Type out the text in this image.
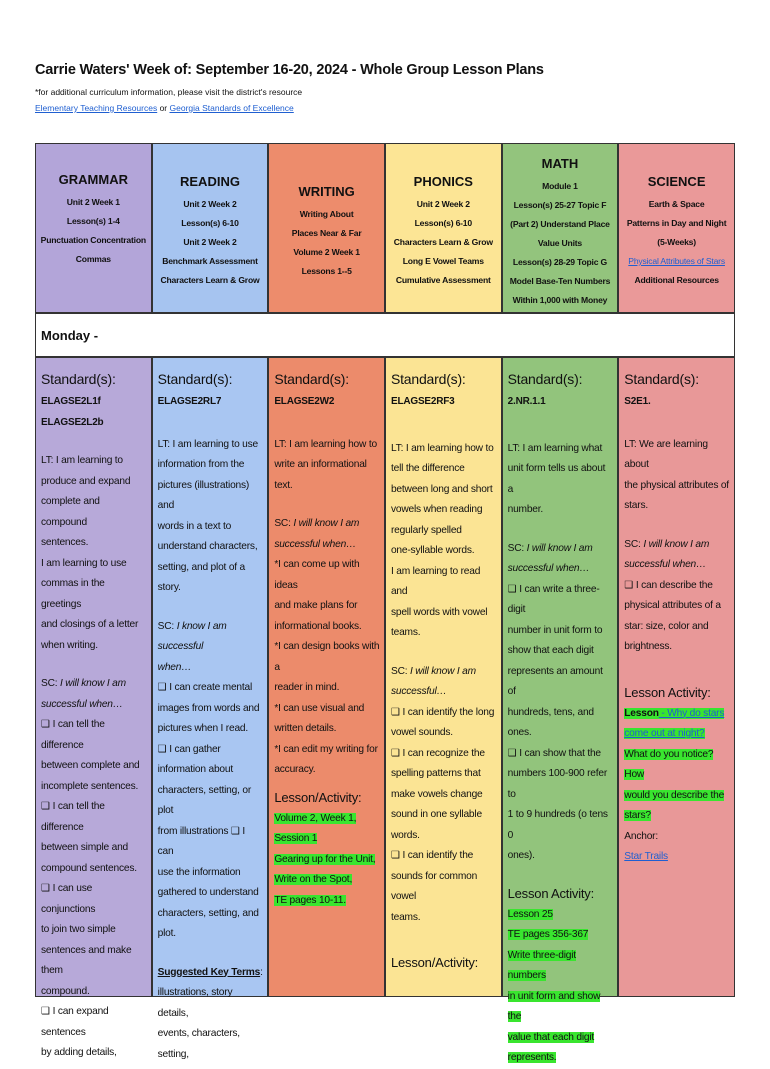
Carrie Waters' Week of: September 16-20, 2024 - Whole Group Lesson Plans
*for additional curriculum information, please visit the district's resource
Elementary Teaching Resources or Georgia Standards of Excellence
GRAMMAR
Unit 2 Week 1
Lesson(s) 1-4
Punctuation Concentration
Commas
READING
Unit 2 Week 2
Lesson(s) 6-10
Unit 2 Week 2
Benchmark Assessment
Characters Learn & Grow
WRITING
Writing About
Places Near & Far
Volume 2 Week 1
Lessons 1--5
PHONICS
Unit 2 Week 2
Lesson(s) 6-10
Characters Learn & Grow
Long E Vowel Teams
Cumulative Assessment
MATH
Module 1
Lesson(s) 25-27 Topic F
(Part 2) Understand Place
Value Units
Lesson(s) 28-29 Topic G
Model Base-Ten Numbers
Within 1,000 with Money
SCIENCE
Earth & Space
Patterns in Day and Night
(5-Weeks)
Physical Attributes of Stars
Additional Resources
Monday -
Standard(s):
ELAGSE2L1f
ELAGSE2L2b
LT: I am learning to
produce and expand
complete and compound
sentences.
I am learning to use
commas in the greetings
and closings of a letter
when writing.
SC: I will know I am
successful when…
❑ I can tell the difference
between complete and
incomplete sentences.
❑ I can tell the difference
between simple and
compound sentences.
❑ I can use conjunctions
to join two simple
sentences and make them
compound.
❑ I can expand sentences
by adding details,
Standard(s):
ELAGSE2RL7
LT: I am learning to use
information from the
pictures (illustrations) and
words in a text to
understand characters,
setting, and plot of a story.
SC: I know I am successful
when…
❑ I can create mental
images from words and
pictures when I read.
❑ I can gather
information about
characters, setting, or plot
from illustrations ❑ I can
use the information
gathered to understand
characters, setting, and
plot.
Suggested Key Terms:
illustrations, story details,
events, characters, setting,
Standard(s):
ELAGSE2W2
LT: I am learning how to
write an informational
text.
SC: I will know I am
successful when…
*I can come up with ideas
and make plans for
informational books.
*I can design books with a
reader in mind.
*I can use visual and
written details.
*I can edit my writing for
accuracy.
Lesson/Activity:
Volume 2, Week 1,
Session 1
Gearing up for the Unit,
Write on the Spot,
TE pages 10-11.
Standard(s):
ELAGSE2RF3
LT: I am learning how to
tell the difference
between long and short
vowels when reading
regularly spelled
one-syllable words.
I am learning to read and
spell words with vowel
teams.
SC: I will know I am
successful…
❑ I can identify the long
vowel sounds.
❑ I can recognize the
spelling patterns that
make vowels change
sound in one syllable
words.
❑ I can identify the
sounds for common vowel
teams.
Lesson/Activity:
Standard(s):
2.NR.1.1
LT: I am learning what
unit form tells us about a
number.
SC: I will know I am
successful when…
❑ I can write a three-digit
number in unit form to
show that each digit
represents an amount of
hundreds, tens, and ones.
❑ I can show that the
numbers 100-900 refer to
1 to 9 hundreds (o tens 0
ones).
Lesson Activity:
Lesson 25
TE pages 356-367
Write three-digit numbers
in unit form and show the
value that each digit
represents.
Standard(s):
S2E1.
LT: We are learning about
the physical attributes of
stars.
SC: I will know I am
successful when…
❑ I can describe the
physical attributes of a
star: size, color and
brightness.
Lesson Activity:
Lesson - Why do stars
come out at night?
What do you notice? How
would you describe the
stars?
Anchor:
Star Trails
